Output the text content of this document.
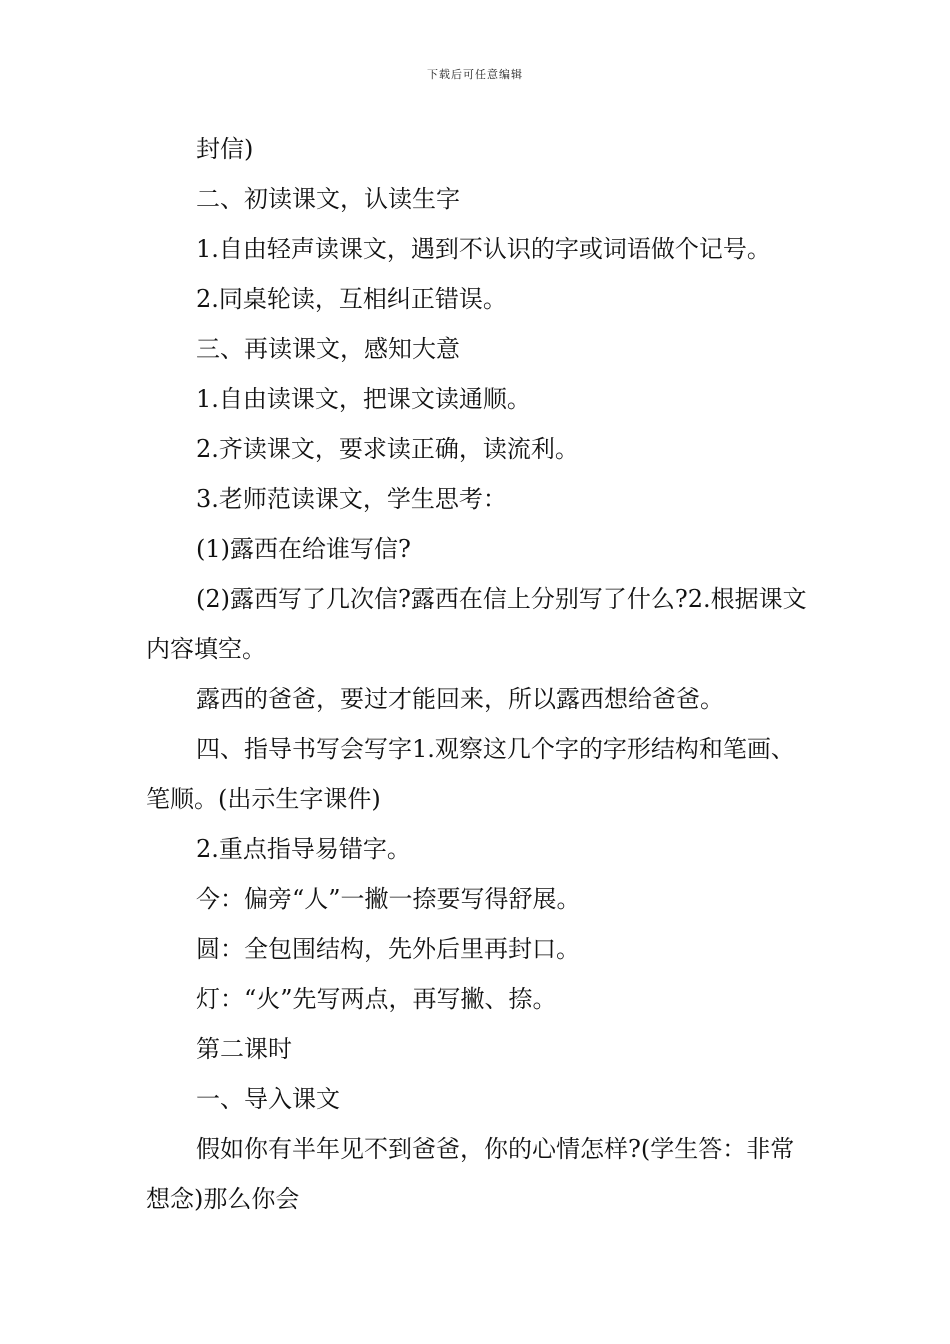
下载后可任意编辑

封信)

二、初读课文，认读生字

1.自由轻声读课文，遇到不认识的字或词语做个记号。

2.同桌轮读，互相纠正错误。

三、再读课文，感知大意

1.自由读课文，把课文读通顺。

2.齐读课文，要求读正确，读流利。

3.老师范读课文，学生思考：

(1)露西在给谁写信?

(2)露西写了几次信?露西在信上分别写了什么?2.根据课文内容填空。

露西的爸爸，要过才能回来，所以露西想给爸爸。

四、指导书写会写字1.观察这几个字的字形结构和笔画、笔顺。(出示生字课件)

2.重点指导易错字。

今：偏旁“人”一撇一捺要写得舒展。

圆：全包围结构，先外后里再封口。

灯：“火”先写两点，再写撇、捺。

第二课时

一、导入课文

假如你有半年见不到爸爸，你的心情怎样?(学生答：非常想念)那么你会
